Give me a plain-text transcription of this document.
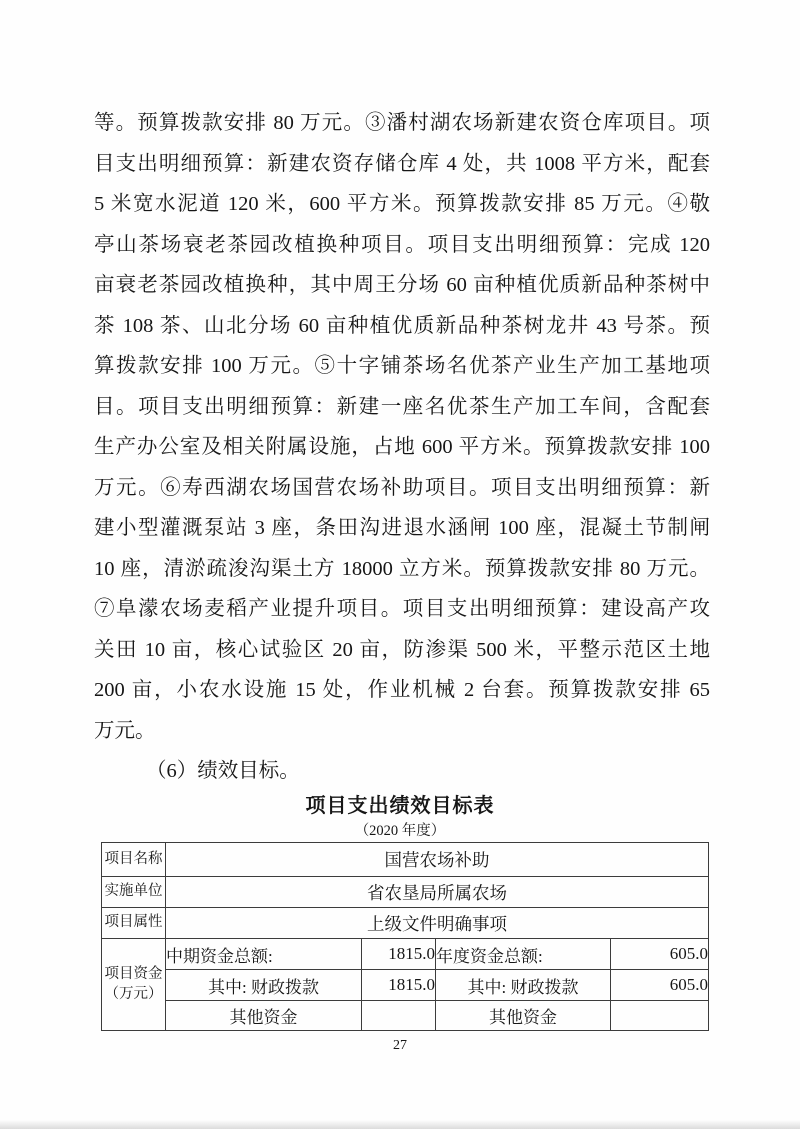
等。预算拨款安排 80 万元。③潘村湖农场新建农资仓库项目。项
目支出明细预算：新建农资存储仓库 4 处，共 1008 平方米，配套
5 米宽水泥道 120 米，600 平方米。预算拨款安排 85 万元。④敬
亭山茶场衰老茶园改植换种项目。项目支出明细预算：完成 120
亩衰老茶园改植换种，其中周王分场 60 亩种植优质新品种茶树中
茶 108 茶、山北分场 60 亩种植优质新品种茶树龙井 43 号茶。预
算拨款安排 100 万元。⑤十字铺茶场名优茶产业生产加工基地项
目。项目支出明细预算：新建一座名优茶生产加工车间，含配套
生产办公室及相关附属设施，占地 600 平方米。预算拨款安排 100
万元。⑥寿西湖农场国营农场补助项目。项目支出明细预算：新
建小型灌溉泵站 3 座，条田沟进退水涵闸 100 座，混凝土节制闸
10 座，清淤疏浚沟渠土方 18000 立方米。预算拨款安排 80 万元。
⑦阜濛农场麦稻产业提升项目。项目支出明细预算：建设高产攻
关田 10 亩，核心试验区 20 亩，防渗渠 500 米，平整示范区土地
200 亩，小农水设施 15 处，作业机械 2 台套。预算拨款安排 65
万元。
（6）绩效目标。
项目支出绩效目标表
（2020 年度）
项目名称	国营农场补助			
实施单位	省农垦局所属农场			
项目属性	上级文件明确事项			
项目资金
（万元）	中期资金总额:	1815.0	年度资金总额:	605.0
	其中: 财政拨款	1815.0	其中: 财政拨款	605.0
	其他资金		其他资金	
27
